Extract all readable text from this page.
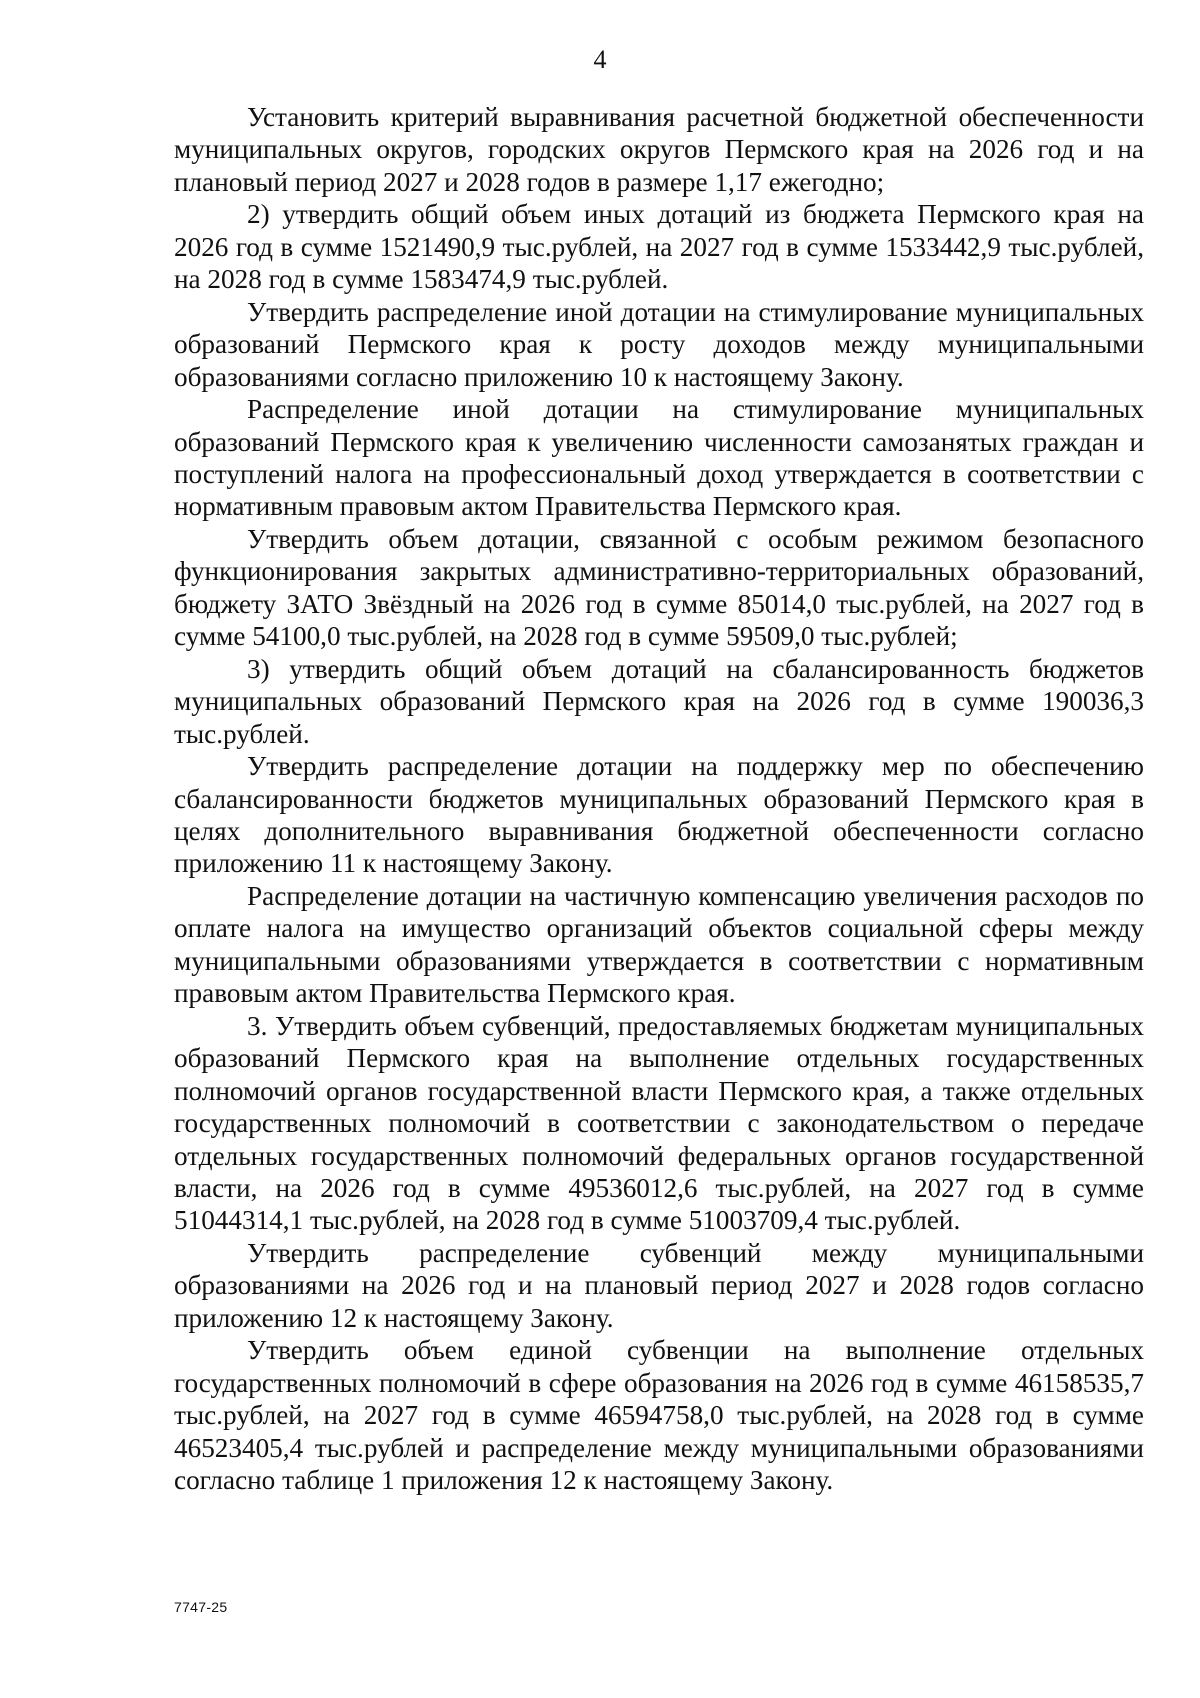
4

Установить критерий выравнивания расчетной бюджетной обеспеченности муниципальных округов, городских округов Пермского края на 2026 год и на плановый период 2027 и 2028 годов в размере 1,17 ежегодно;

2) утвердить общий объем иных дотаций из бюджета Пермского края на 2026 год в сумме 1521490,9 тыс.рублей, на 2027 год в сумме 1533442,9 тыс.рублей, на 2028 год в сумме 1583474,9 тыс.рублей.

Утвердить распределение иной дотации на стимулирование муниципальных образований Пермского края к росту доходов между муниципальными образованиями согласно приложению 10 к настоящему Закону.

Распределение иной дотации на стимулирование муниципальных образований Пермского края к увеличению численности самозанятых граждан и поступлений налога на профессиональный доход утверждается в соответствии с нормативным правовым актом Правительства Пермского края.

Утвердить объем дотации, связанной с особым режимом безопасного функционирования закрытых административно-территориальных образований, бюджету ЗАТО Звёздный на 2026 год в сумме 85014,0 тыс.рублей, на 2027 год в сумме 54100,0 тыс.рублей, на 2028 год в сумме 59509,0 тыс.рублей;

3) утвердить общий объем дотаций на сбалансированность бюджетов муниципальных образований Пермского края на 2026 год в сумме 190036,3 тыс.рублей.

Утвердить распределение дотации на поддержку мер по обеспечению сбалансированности бюджетов муниципальных образований Пермского края в целях дополнительного выравнивания бюджетной обеспеченности согласно приложению 11 к настоящему Закону.

Распределение дотации на частичную компенсацию увеличения расходов по оплате налога на имущество организаций объектов социальной сферы между муниципальными образованиями утверждается в соответствии с нормативным правовым актом Правительства Пермского края.

3. Утвердить объем субвенций, предоставляемых бюджетам муниципальных образований Пермского края на выполнение отдельных государственных полномочий органов государственной власти Пермского края, а также отдельных государственных полномочий в соответствии с законодательством о передаче отдельных государственных полномочий федеральных органов государственной власти, на 2026 год в сумме 49536012,6 тыс.рублей, на 2027 год в сумме 51044314,1 тыс.рублей, на 2028 год в сумме 51003709,4 тыс.рублей.

Утвердить распределение субвенций между муниципальными образованиями на 2026 год и на плановый период 2027 и 2028 годов согласно приложению 12 к настоящему Закону.

Утвердить объем единой субвенции на выполнение отдельных государственных полномочий в сфере образования на 2026 год в сумме 46158535,7 тыс.рублей, на 2027 год в сумме 46594758,0 тыс.рублей, на 2028 год в сумме 46523405,4 тыс.рублей и распределение между муниципальными образованиями согласно таблице 1 приложения 12 к настоящему Закону.

7747-25
